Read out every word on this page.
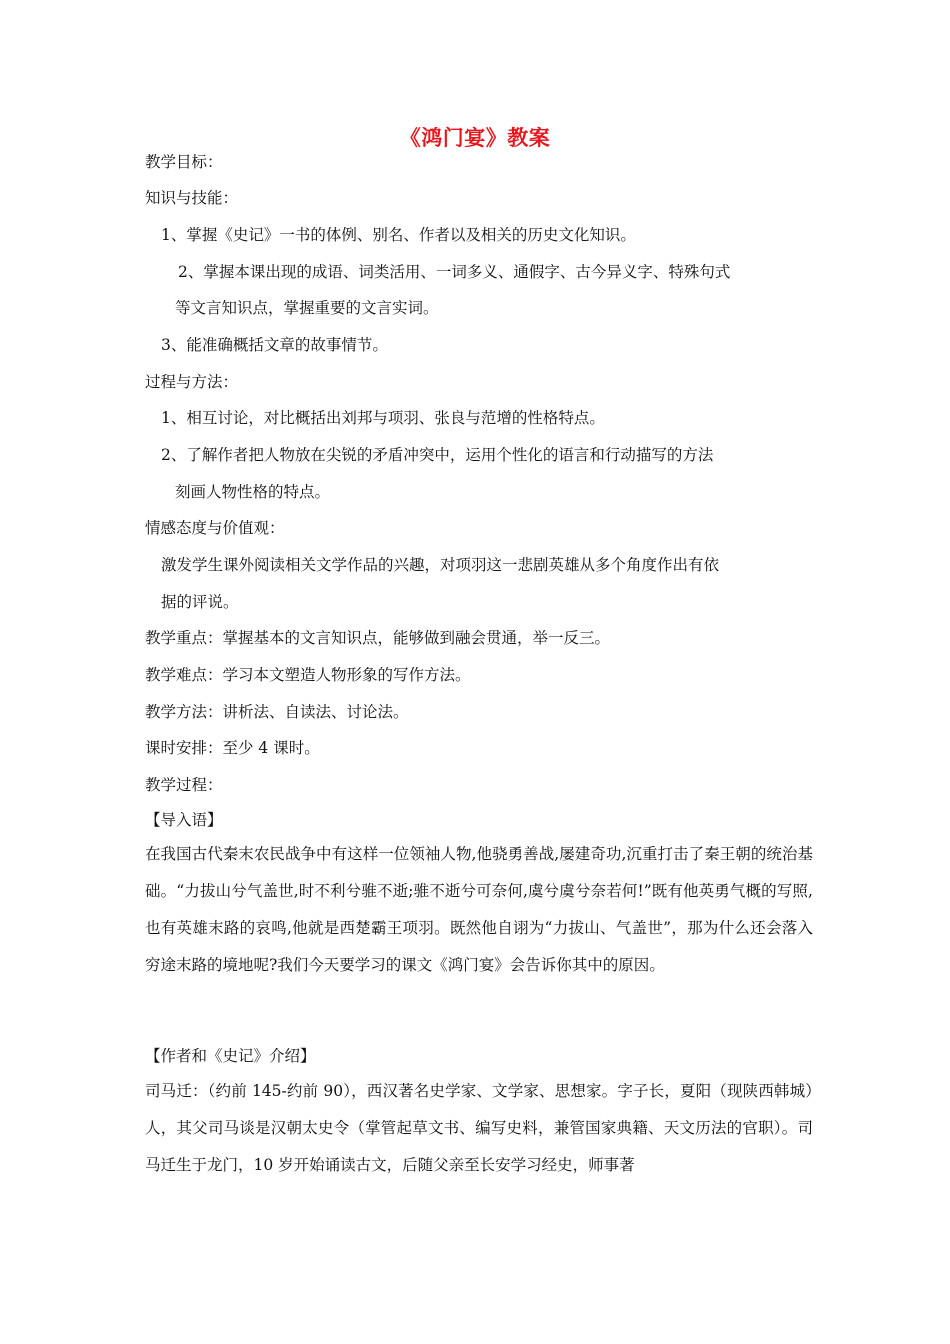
《鸿门宴》教案
教学目标：
知识与技能：
1、掌握《史记》一书的体例、别名、作者以及相关的历史文化知识。
2、掌握本课出现的成语、词类活用、一词多义、通假字、古今异义字、特殊句式
等文言知识点，掌握重要的文言实词。
3、能准确概括文章的故事情节。
过程与方法：
1、相互讨论，对比概括出刘邦与项羽、张良与范增的性格特点。
2、了解作者把人物放在尖锐的矛盾冲突中，运用个性化的语言和行动描写的方法
刻画人物性格的特点。
情感态度与价值观：
激发学生课外阅读相关文学作品的兴趣，对项羽这一悲剧英雄从多个角度作出有依
据的评说。
教学重点：掌握基本的文言知识点，能够做到融会贯通，举一反三。
教学难点：学习本文塑造人物形象的写作方法。
教学方法：讲析法、自读法、讨论法。
课时安排：至少 4 课时。
教学过程：
【导入语】
在我国古代秦末农民战争中有这样一位领袖人物,他骁勇善战,屡建奇功,沉重打击了秦王朝的统治基础。“力拔山兮气盖世,时不利兮骓不逝;骓不逝兮可奈何,虞兮虞兮奈若何!”既有他英勇气概的写照,也有英雄末路的哀鸣,他就是西楚霸王项羽。既然他自诩为“力拔山、气盖世”，那为什么还会落入穷途末路的境地呢?我们今天要学习的课文《鸿门宴》会告诉你其中的原因。
【作者和《史记》介绍】
司马迁：（约前 145-约前 90），西汉著名史学家、文学家、思想家。字子长，夏阳（现陕西韩城）人，其父司马谈是汉朝太史令（掌管起草文书、编写史料，兼管国家典籍、天文历法的官职）。司马迁生于龙门，10 岁开始诵读古文，后随父亲至长安学习经史，师事著
